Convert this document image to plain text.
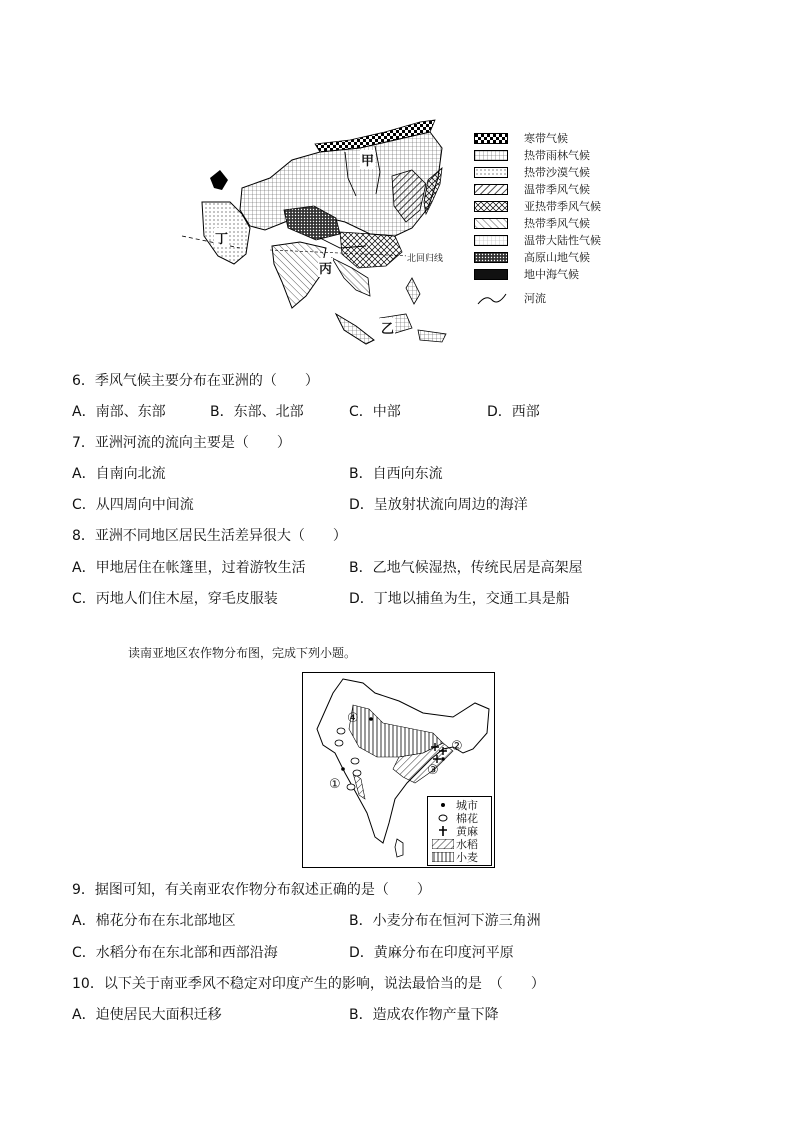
甲
乙
丙
丁
北回归线
寒带气候
热带雨林气候
热带沙漠气候
温带季风气候
亚热带季风气候
热带季风气候
温带大陆性气候
高原山地气候
地中海气候
河流
6．季风气候主要分布在亚洲的（　　）
A．南部、东部	B．东部、北部	C．中部	D．西部
7．亚洲河流的流向主要是（　　）
A．自南向北流	B．自西向东流
C．从四周向中间流	D．呈放射状流向周边的海洋
8．亚洲不同地区居民生活差异很大（　　）
A．甲地居住在帐篷里，过着游牧生活	B．乙地气候湿热，传统民居是高架屋
C．丙地人们住木屋，穿毛皮服装	D．丁地以捕鱼为生，交通工具是船
读南亚地区农作物分布图，完成下列小题。
④
②
③
①
城市
棉花
黄麻
水稻
小麦
9．据图可知，有关南亚农作物分布叙述正确的是（　　）
A．棉花分布在东北部地区	B．小麦分布在恒河下游三角洲
C．水稻分布在东北部和西部沿海	D．黄麻分布在印度河平原
10．以下关于南亚季风不稳定对印度产生的影响，说法最恰当的是　（　　）
A．迫使居民大面积迁移	B．造成农作物产量下降
